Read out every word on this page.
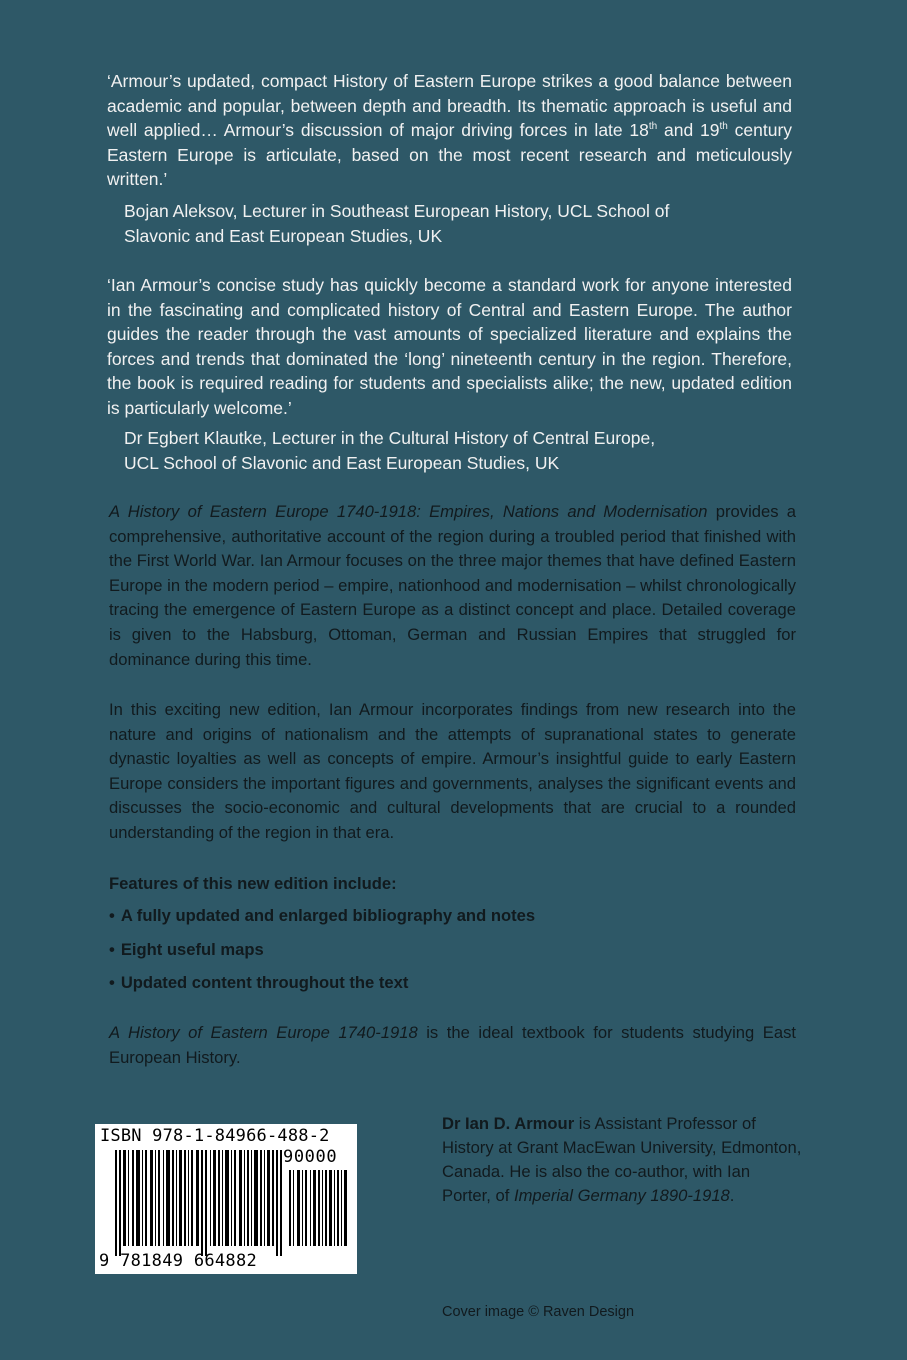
‘Armour’s updated, compact History of Eastern Europe strikes a good balance between academic and popular, between depth and breadth. Its thematic approach is useful and well applied… Armour’s discussion of major driving forces in late 18th and 19th century Eastern Europe is articulate, based on the most recent research and meticulously written.’

Bojan Aleksov, Lecturer in Southeast European History, UCL School of
Slavonic and East European Studies, UK

‘Ian Armour’s concise study has quickly become a standard work for anyone interested in the fascinating and complicated history of Central and Eastern Europe. The author guides the reader through the vast amounts of specialized literature and explains the forces and trends that dominated the ‘long’ nineteenth century in the region. Therefore, the book is required reading for students and specialists alike; the new, updated edition is particularly welcome.’

Dr Egbert Klautke, Lecturer in the Cultural History of Central Europe,
UCL School of Slavonic and East European Studies, UK

A History of Eastern Europe 1740-1918: Empires, Nations and Modernisation provides a comprehensive, authoritative account of the region during a troubled period that finished with the First World War. Ian Armour focuses on the three major themes that have defined Eastern Europe in the modern period – empire, nationhood and modernisation – whilst chronologically tracing the emergence of Eastern Europe as a distinct concept and place. Detailed coverage is given to the Habsburg, Ottoman, German and Russian Empires that struggled for dominance during this time.

In this exciting new edition, Ian Armour incorporates findings from new research into the nature and origins of nationalism and the attempts of supranational states to generate dynastic loyalties as well as concepts of empire. Armour’s insightful guide to early Eastern Europe considers the important figures and governments, analyses the significant events and discusses the socio-economic and cultural developments that are crucial to a rounded understanding of the region in that era.

Features of this new edition include:

• A fully updated and enlarged bibliography and notes
• Eight useful maps
• Updated content throughout the text

A History of Eastern Europe 1740-1918 is the ideal textbook for students studying East European History.

ISBN 978-1-84966-488-2
90000
9 781849 664882

Dr Ian D. Armour is Assistant Professor of History at Grant MacEwan University, Edmonton, Canada. He is also the co-author, with Ian Porter, of Imperial Germany 1890-1918.

Cover image © Raven Design
